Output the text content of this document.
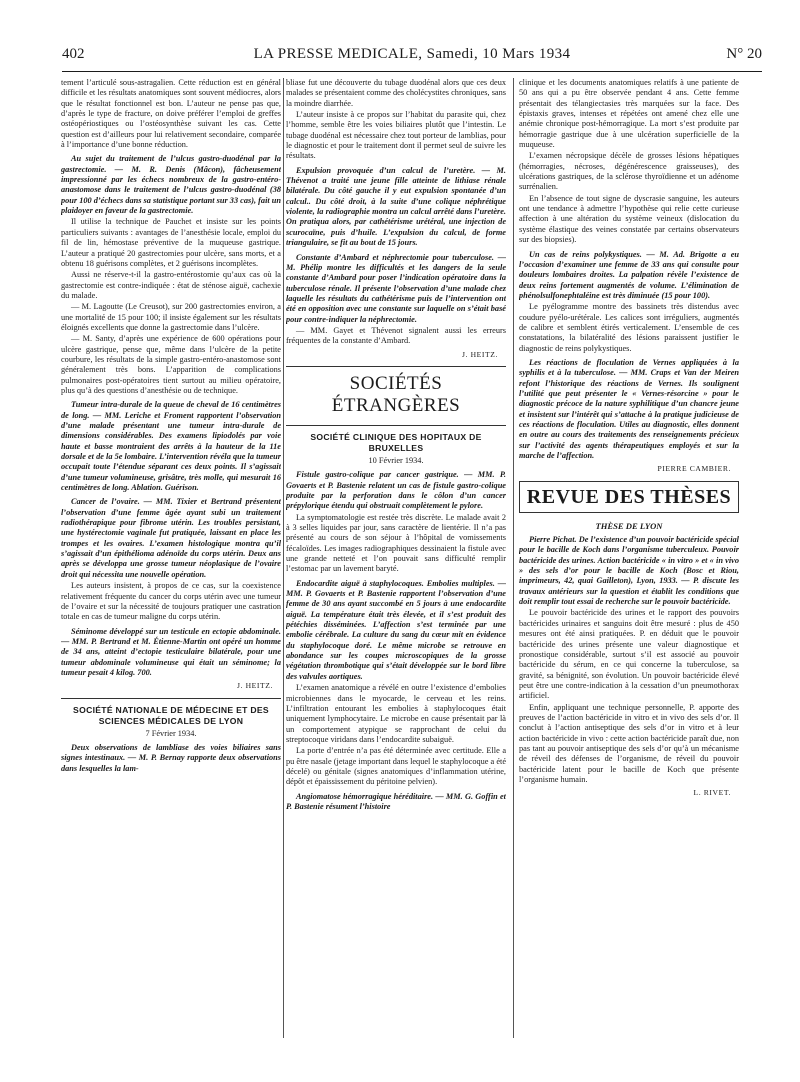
402	LA PRESSE MEDICALE, Samedi, 10 Mars 1934	N° 20

tement l’articulé sous-astragalien. Cette réduction est en général difficile et les résultats anatomiques sont souvent médiocres, alors que le résultat fonctionnel est bon. L’auteur ne pense pas que, d’après le type de fracture, on doive préférer l’emploi de greffes ostéopériostiques ou l’ostéosynthèse suivant les cas. Cette question est d’ailleurs pour lui relativement secondaire, comparée à l’importance d’une bonne réduction.

Au sujet du traitement de l’ulcus gastro-duodénal par la gastrectomie. — M. R. Denis (Mâcon), fâcheusement impressionné par les échecs nombreux de la gastro-entéro-anastomose dans le traitement de l’ulcus gastro-duodénal (38 pour 100 d’échecs dans sa statistique portant sur 33 cas), fait un plaidoyer en faveur de la gastrectomie.

Il utilise la technique de Pauchet et insiste sur les points particuliers suivants : avantages de l’anesthésie locale, emploi du fil de lin, hémostase préventive de la muqueuse gastrique. L’auteur a pratiqué 20 gastrectomies pour ulcère, sans morts, et a obtenu 18 guérisons complètes, et 2 guérisons incomplètes.

Aussi ne réserve-t-il la gastro-entérostomie qu’aux cas où la gastrectomie est contre-indiquée : état de sténose aiguë, cachexie du malade.

— M. Lagoutte (Le Creusot), sur 200 gastrectomies environ, a une mortalité de 15 pour 100; il insiste également sur les résultats éloignés excellents que donne la gastrectomie dans l’ulcère.

— M. Santy, d’après une expérience de 600 opérations pour ulcère gastrique, pense que, même dans l’ulcère de la petite courbure, les résultats de la simple gastro-entéro-anastomose sont généralement très bons. L’apparition de complications pulmonaires post-opératoires tient surtout au milieu opératoire, plus qu’à des questions d’anesthésie ou de technique.

Tumeur intra-durale de la queue de cheval de 16 centimètres de long. — MM. Leriche et Froment rapportent l’observation d’une malade présentant une tumeur intra-durale de dimensions considérables. Des examens lipiodolés par voie haute et basse montraient des arrêts à la hauteur de la 11e dorsale et de la 5e lombaire. L’intervention révéla que la tumeur occupait toute l’étendue séparant ces deux points. Il s’agissait d’une tumeur volumineuse, grisâtre, très molle, qui mesurait 16 centimètres de long. Ablation. Guérison.

Cancer de l’ovaire. — MM. Tixier et Bertrand présentent l’observation d’une femme âgée ayant subi un traitement radiothérapique pour fibrome utérin. Les troubles persistant, une hystérectomie vaginale fut pratiquée, laissant en place les trompes et les ovaires. L’examen histologique montra qu’il s’agissait d’un épithélioma adénoïde du corps utérin. Deux ans après se développa une grosse tumeur néoplasique de l’ovaire droit qui nécessita une nouvelle opération.

Les auteurs insistent, à propos de ce cas, sur la coexistence relativement fréquente du cancer du corps utérin avec une tumeur de l’ovaire et sur la nécessité de toujours pratiquer une castration totale en cas de tumeur maligne du corps utérin.

Séminome développé sur un testicule en ectopie abdominale. — MM. P. Bertrand et M. Étienne-Martin ont opéré un homme de 34 ans, atteint d’ectopie testiculaire bilatérale, pour une tumeur abdominale volumineuse qui était un séminome; la tumeur pesait 4 kilog. 700.

J. HEITZ.

SOCIÉTÉ NATIONALE DE MÉDECINE ET DES SCIENCES MÉDICALES DE LYON
7 Février 1934.

Deux observations de lambliase des voies biliaires sans signes intestinaux. — M. P. Bernay rapporte deux observations dans lesquelles la lam-

bliase fut une découverte du tubage duodénal alors que ces deux malades se présentaient comme des cholécystites chroniques, sans la moindre diarrhée.

L’auteur insiste à ce propos sur l’habitat du parasite qui, chez l’homme, semble être les voies biliaires plutôt que l’intestin. Le tubage duodénal est nécessaire chez tout porteur de lamblias, pour le diagnostic et pour le traitement dont il permet seul de suivre les résultats.

Expulsion provoquée d’un calcul de l’uretère. — M. Thévenot a traité une jeune fille atteinte de lithiase rénale bilatérale. Du côté gauche il y eut expulsion spontanée d’un calcul.. Du côté droit, à la suite d’une colique néphrétique violente, la radiographie montra un calcul arrêté dans l’uretère. On pratiqua alors, par cathétérisme urétéral, une injection de scurocaïne, puis d’huile. L’expulsion du calcul, de forme triangulaire, se fit au bout de 15 jours.

Constante d’Ambard et néphrectomie pour tuberculose. — M. Phélip montre les difficultés et les dangers de la seule constante d’Ambard pour poser l’indication opératoire dans la tuberculose rénale. Il présente l’observation d’une malade chez laquelle les résultats du cathétérisme puis de l’intervention ont été en opposition avec une constante sur laquelle on s’était basé pour contre-indiquer la néphrectomie.

— MM. Gayet et Thévenot signalent aussi les erreurs fréquentes de la constante d’Ambard.

J. HEITZ.

SOCIÉTÉS ÉTRANGÈRES
SOCIÉTÉ CLINIQUE DES HOPITAUX DE BRUXELLES
10 Février 1934.

Fistule gastro-colique par cancer gastrique. — MM. P. Govaerts et P. Bastenie relatent un cas de fistule gastro-colique produite par la perforation dans le côlon d’un cancer prépylorique étendu qui obstruait complètement le pylore.

La symptomatologie est restée très discrète. Le malade avait 2 à 3 selles liquides par jour, sans caractère de lientérie. Il n’a pas présenté au cours de son séjour à l’hôpital de vomissements fécaloïdes. Les images radiographiques dessinaient la fistule avec une grande netteté et l’on pouvait sans difficulté remplir l’estomac par un lavement baryté.

Endocardite aiguë à staphylocoques. Embolies multiples. — MM. P. Govaerts et P. Bastenie rapportent l’observation d’une femme de 30 ans ayant succombé en 5 jours à une endocardite aiguë. La température était très élevée, et il s’est produit des pétéchies disséminées. L’affection s’est terminée par une embolie cérébrale. La culture du sang du cœur mit en évidence du staphylocoque doré. Le même microbe se retrouve en abondance sur les coupes microscopiques de la grosse végétation thrombotique qui s’était développée sur le bord libre des valvules aortiques.

L’examen anatomique a révélé en outre l’existence d’embolies microbiennes dans le myocarde, le cerveau et les reins. L’infiltration entourant les embolies à staphylocoques était uniquement lymphocytaire. Le microbe en cause présentait par là un comportement atypique se rapprochant de celui du streptocoque viridans dans l’endocardite subaiguë.

La porte d’entrée n’a pas été déterminée avec certitude. Elle a pu être nasale (jetage important dans lequel le staphylocoque a été décelé) ou génitale (signes anatomiques d’inflammation utérine, dépôt et épaississement du péritoine pelvien).

Angiomatose hémorragique héréditaire. — MM. G. Goffin et P. Bastenie résument l’histoire

clinique et les documents anatomiques relatifs à une patiente de 50 ans qui a pu être observée pendant 4 ans. Cette femme présentait des télangiectasies très marquées sur la face. Des épistaxis graves, intenses et répétées ont amené chez elle une anémie chronique post-hémorragique. La mort s’est produite par hémorragie gastrique due à une ulcération superficielle de la muqueuse.

L’examen nécropsique décèle de grosses lésions hépatiques (hémorragies, nécroses, dégénérescence graisseuses), des ulcérations gastriques, de la sclérose thyroïdienne et un adénome surrénalien.

En l’absence de tout signe de dyscrasie sanguine, les auteurs ont une tendance à admettre l’hypothèse qui relie cette curieuse affection à une altération du système veineux (dislocation du système élastique des veines constatée par certains observateurs sur des biopsies).

Un cas de reins polykystiques. — M. Ad. Brigotte a eu l’occasion d’examiner une femme de 33 ans qui consulte pour douleurs lombaires droites. La palpation révèle l’existence de deux reins fortement augmentés de volume. L’élimination de phénolsulfonephtaléine est très diminuée (15 pour 100).

Le pyélogramme montre des bassinets très distendus avec coudure pyélo-urétérale. Les calices sont irréguliers, augmentés de calibre et semblent étirés verticalement. L’ensemble de ces constatations, la bilatéralité des lésions paraissent justifier le diagnostic de reins polykystiques.

Les réactions de floculation de Vernes appliquées à la syphilis et à la tuberculose. — MM. Craps et Van der Meiren refont l’historique des réactions de Vernes. Ils soulignent l’utilité que peut présenter le « Vernes-résorcine » pour le diagnostic précoce de la nature syphilitique d’un chancre jeune et insistent sur l’intérêt qui s’attache à la pratique judicieuse de ces réactions de floculation. Utiles au diagnostic, elles donnent en outre au cours des traitements des renseignements précieux sur l’activité des agents thérapeutiques employés et sur la marche de l’affection.

PIERRE CAMBIER.

REVUE DES THÈSES
THÈSE DE LYON

Pierre Pichat. De l’existence d’un pouvoir bactéricide spécial pour le bacille de Koch dans l’organisme tuberculeux. Pouvoir bactéricide des urines. Action bactéricide « in vitro » et « in vivo » des sels d’or pour le bacille de Koch (Bosc et Riou, imprimeurs, 42, quai Gailleton), Lyon, 1933. — P. discute les travaux antérieurs sur la question et établit les conditions que doit remplir tout essai de recherche sur le pouvoir bactéricide.

Le pouvoir bactéricide des urines et le rapport des pouvoirs bactéricides urinaires et sanguins doit être mesuré : plus de 450 mesures ont été ainsi pratiquées. P. en déduit que le pouvoir bactéricide des urines présente une valeur diagnostique et pronostique considérable, surtout s’il est associé au pouvoir bactéricide du sérum, en ce qui concerne la tuberculose, sa gravité, sa bénignité, son évolution. Un pouvoir bactéricide élevé peut être une contre-indication à la cessation d’un pneumothorax artificiel.

Enfin, appliquant une technique personnelle, P. apporte des preuves de l’action bactéricide in vitro et in vivo des sels d’or. Il conclut à l’action antiseptique des sels d’or in vitro et à leur action bactéricide in vivo : cette action bactéricide paraît due, non pas tant au pouvoir antiseptique des sels d’or qu’à un mécanisme de réveil des défenses de l’organisme, de réveil du pouvoir bactéricide latent pour le bacille de Koch que présente l’organisme humain.

L. RIVET.
